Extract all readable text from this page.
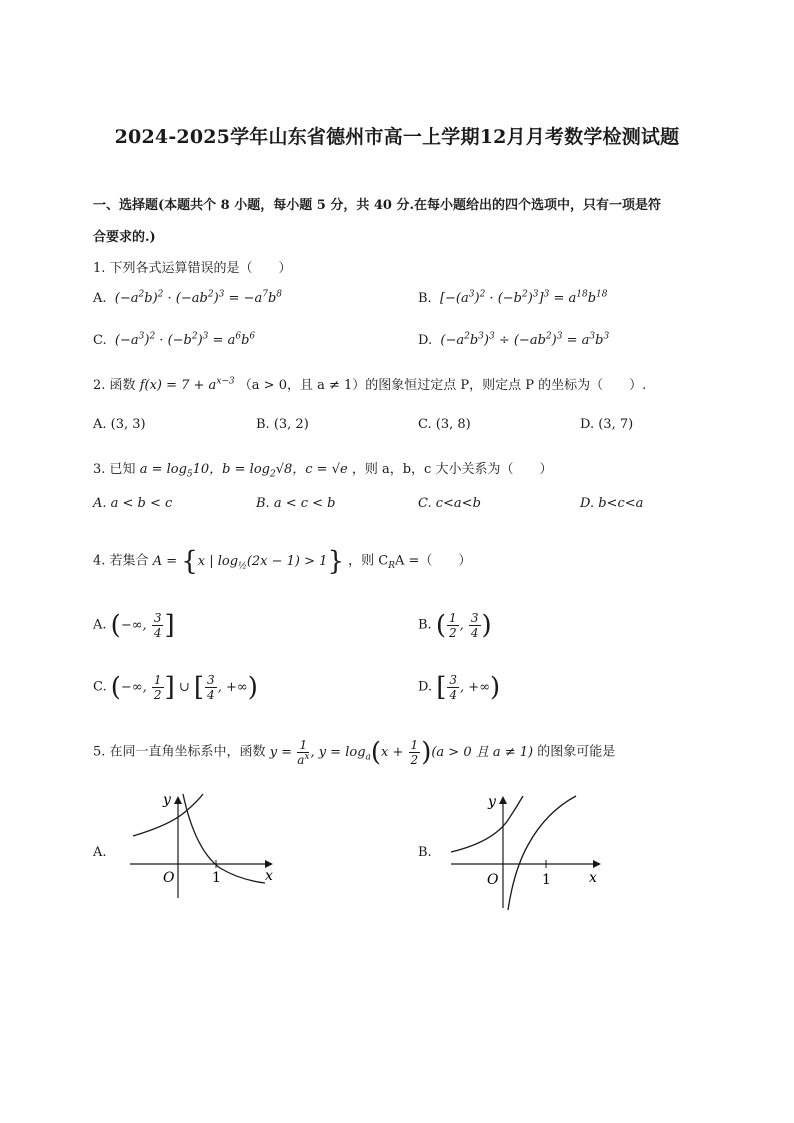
2024-2025学年山东省德州市高一上学期12月月考数学检测试题
一、选择题(本题共个 8 小题，每小题 5 分，共 40 分.在每小题给出的四个选项中，只有一项是符
合要求的.)
1. 下列各式运算错误的是（　　）
A.  $(-a^2b)^2 \cdot (-ab^2)^3 = -a^7b^8$	B.  $[-(a^3)^2 \cdot (-b^2)^3]^3 = a^{18}b^{18}$
C.  $(-a^3)^2 \cdot (-b^2)^3 = a^6b^6$	D.  $(-a^2b^3)^3 \div (-ab^2)^3 = a^3b^3$
2. 函数 $f(x) = 7 + a^{x-3}$ （a > 0，且 a ≠ 1）的图象恒过定点 P，则定点 P 的坐标为（　　）.
A. (3, 3)	B. (3, 2)	C. (3, 8)	D. (3, 7)
3. 已知 $a = \log_510$，$b = \log_2√8$，c = √e ，则 a，b，c 大小关系为（　　）
A. a < b < c	B. a < c < b	C. c<a<b	D. b<c<a
4. 若集合 A = {x | $\log_{\frac{1}{2}}(2x - 1) > 1$} ，则 $C_RA$ =（　　）
A. (−∞, $\frac{3}{4}$ ]	B. ( $\frac{1}{2}$ , $\frac{3}{4}$ )
C. (−∞, $\frac{1}{2}$ ] ∪ [ $\frac{3}{4}$ , +∞)	D. [ $\frac{3}{4}$ , +∞)
5. 在同一直角坐标系中，函数 $y = \frac{1}{a^x}$ , $y = \log_a(x + \frac{1}{2} )(a > 0$ 且 a ≠ 1) 的图象可能是
A.
y
x
O	1
B.
y
x
O	1
